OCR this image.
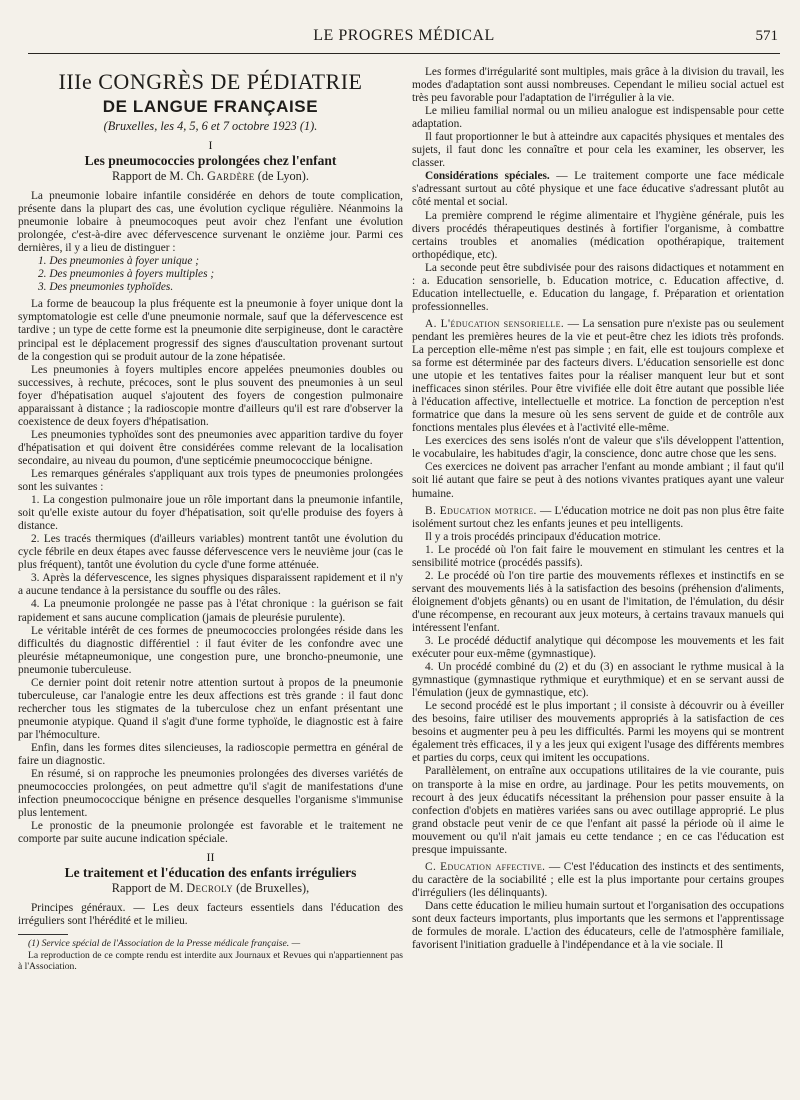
LE PROGRES MÉDICAL	571
IIIe CONGRÈS DE PÉDIATRIE
DE LANGUE FRANÇAISE
(Bruxelles, les 4, 5, 6 et 7 octobre 1923 (1).
I
Les pneumococcies prolongées chez l'enfant
Rapport de M. Ch. Gardère (de Lyon).

La pneumonie lobaire infantile considérée en dehors de toute complication, présente dans la plupart des cas, une évolution cyclique régulière. Néanmoins la pneumonie lobaire à pneumocoques peut avoir chez l'enfant une évolution prolongée, c'est-à-dire avec défervescence survenant le onzième jour. Parmi ces dernières, il y a lieu de distinguer :

1. Des pneumonies à foyer unique ;
2. Des pneumonies à foyers multiples ;
3. Des pneumonies typhoïdes.

La forme de beaucoup la plus fréquente est la pneumonie à foyer unique dont la symptomatologie est celle d'une pneumonie normale, sauf que la défervescence est tardive ; un type de cette forme est la pneumonie dite serpigineuse, dont le caractère principal est le déplacement progressif des signes d'auscultation provenant surtout de la congestion qui se produit autour de la zone hépatisée.

Les pneumonies à foyers multiples encore appelées pneumonies doubles ou successives, à rechute, précoces, sont le plus souvent des pneumonies à un seul foyer d'hépatisation auquel s'ajoutent des foyers de congestion pulmonaire apparaissant à distance ; la radioscopie montre d'ailleurs qu'il est rare d'observer la coexistence de deux foyers d'hépatisation.

Les pneumonies typhoïdes sont des pneumonies avec apparition tardive du foyer d'hépatisation et qui doivent être considérées comme relevant de la localisation secondaire, au niveau du poumon, d'une septicémie pneumococcique bénigne.

Les remarques générales s'appliquant aux trois types de pneumonies prolongées sont les suivantes :

1. La congestion pulmonaire joue un rôle important dans la pneumonie infantile, soit qu'elle existe autour du foyer d'hépatisation, soit qu'elle produise des foyers à distance.

2. Les tracés thermiques (d'ailleurs variables) montrent tantôt une évolution du cycle fébrile en deux étapes avec fausse défervescence vers le neuvième jour (cas le plus fréquent), tantôt une évolution du cycle d'une forme atténuée.

3. Après la défervescence, les signes physiques disparaissent rapidement et il n'y a aucune tendance à la persistance du souffle ou des râles.

4. La pneumonie prolongée ne passe pas à l'état chronique : la guérison se fait rapidement et sans aucune complication (jamais de pleurésie purulente).

Le véritable intérêt de ces formes de pneumococcies prolongées réside dans les difficultés du diagnostic différentiel : il faut éviter de les confondre avec une pleurésie métapneumonique, une congestion pure, une broncho-pneumonie, une pneumonie tuberculeuse.

Ce dernier point doit retenir notre attention surtout à propos de la pneumonie tuberculeuse, car l'analogie entre les deux affections est très grande : il faut donc rechercher tous les stigmates de la tuberculose chez un enfant présentant une pneumonie atypique. Quand il s'agit d'une forme typhoïde, le diagnostic est à faire par l'hémoculture.

Enfin, dans les formes dites silencieuses, la radioscopie permettra en général de faire un diagnostic.

En résumé, si on rapproche les pneumonies prolongées des diverses variétés de pneumococcies prolongées, on peut admettre qu'il s'agit de manifestations d'une infection pneumococcique bénigne en présence desquelles l'organisme s'immunise plus lentement.

Le pronostic de la pneumonie prolongée est favorable et le traitement ne comporte par suite aucune indication spéciale.

II
Le traitement et l'éducation des enfants irréguliers
Rapport de M. Decroly (de Bruxelles),

Principes généraux. — Les deux facteurs essentiels dans l'éducation des irréguliers sont l'hérédité et le milieu.

(1) Service spécial de l'Association de la Presse médicale française. —

La reproduction de ce compte rendu est interdite aux Journaux et Revues qui n'appartiennent pas à l'Association.

Les formes d'irrégularité sont multiples, mais grâce à la division du travail, les modes d'adaptation sont aussi nombreuses. Cependant le milieu social actuel est très peu favorable pour l'adaptation de l'irrégulier à la vie.

Le milieu familial normal ou un milieu analogue est indispensable pour cette adaptation.

Il faut proportionner le but à atteindre aux capacités physiques et mentales des sujets, il faut donc les connaître et pour cela les examiner, les observer, les classer.

Considérations spéciales. — Le traitement comporte une face médicale s'adressant surtout au côté physique et une face éducative s'adressant plutôt au côté mental et social.

La première comprend le régime alimentaire et l'hygiène générale, puis les divers procédés thérapeutiques destinés à fortifier l'organisme, à combattre certains troubles et anomalies (médication opothérapique, traitement orthopédique, etc).

La seconde peut être subdivisée pour des raisons didactiques et notamment en : a. Education sensorielle, b. Education motrice, c. Education affective, d. Education intellectuelle, e. Education du langage, f. Préparation et orientation professionnelles.

A. L'éducation sensorielle. — La sensation pure n'existe pas ou seulement pendant les premières heures de la vie et peut-être chez les idiots très profonds. La perception elle-même n'est pas simple ; en fait, elle est toujours complexe et sa forme est déterminée par des facteurs divers. L'éducation sensorielle est donc une utopie et les tentatives faites pour la réaliser manquent leur but et sont inefficaces sinon stériles. Pour être vivifiée elle doit être autant que possible liée à l'éducation affective, intellectuelle et motrice. La fonction de perception n'est formatrice que dans la mesure où les sens servent de guide et de contrôle aux fonctions mentales plus élevées et à l'activité elle-même.

Les exercices des sens isolés n'ont de valeur que s'ils développent l'attention, le vocabulaire, les habitudes d'agir, la conscience, donc autre chose que les sens.

Ces exercices ne doivent pas arracher l'enfant au monde ambiant ; il faut qu'il soit lié autant que faire se peut à des notions vivantes pratiques ayant une valeur humaine.

B. Education motrice. — L'éducation motrice ne doit pas non plus être faite isolément surtout chez les enfants jeunes et peu intelligents.

Il y a trois procédés principaux d'éducation motrice.

1. Le procédé où l'on fait faire le mouvement en stimulant les centres et la sensibilité motrice (procédés passifs).

2. Le procédé où l'on tire partie des mouvements réflexes et instinctifs en se servant des mouvements liés à la satisfaction des besoins (préhension d'aliments, éloignement d'objets gênants) ou en usant de l'imitation, de l'émulation, du désir d'une récompense, en recourant aux jeux moteurs, à certains travaux manuels qui intéressent l'enfant.

3. Le procédé déductif analytique qui décompose les mouvements et les fait exécuter pour eux-même (gymnastique).

4. Un procédé combiné du (2) et du (3) en associant le rythme musical à la gymnastique (gymnastique rythmique et eurythmique) et en se servant aussi de l'émulation (jeux de gymnastique, etc).

Le second procédé est le plus important ; il consiste à découvrir ou à éveiller des besoins, faire utiliser des mouvements appropriés à la satisfaction de ces besoins et augmenter peu à peu les difficultés. Parmi les moyens qui se montrent également très efficaces, il y a les jeux qui exigent l'usage des différents membres et parties du corps, ceux qui imitent les occupations.

Parallèlement, on entraîne aux occupations utilitaires de la vie courante, puis on transporte à la mise en ordre, au jardinage. Pour les petits mouvements, on recourt à des jeux éducatifs nécessitant la préhension pour passer ensuite à la confection d'objets en matières variées sans ou avec outillage approprié. Le plus grand obstacle peut venir de ce que l'enfant ait passé la période où il aime le mouvement ou qu'il n'ait jamais eu cette tendance ; en ce cas l'éducation est presque impuissante.

C. Education affective. — C'est l'éducation des instincts et des sentiments, du caractère de la sociabilité ; elle est la plus importante pour certains groupes d'irréguliers (les délinquants).

Dans cette éducation le milieu humain surtout et l'organisation des occupations sont deux facteurs importants, plus importants que les sermons et l'apprentissage de formules de morale. L'action des éducateurs, celle de l'atmosphère familiale, favorisent l'initiation graduelle à l'indépendance et à la vie sociale. Il
